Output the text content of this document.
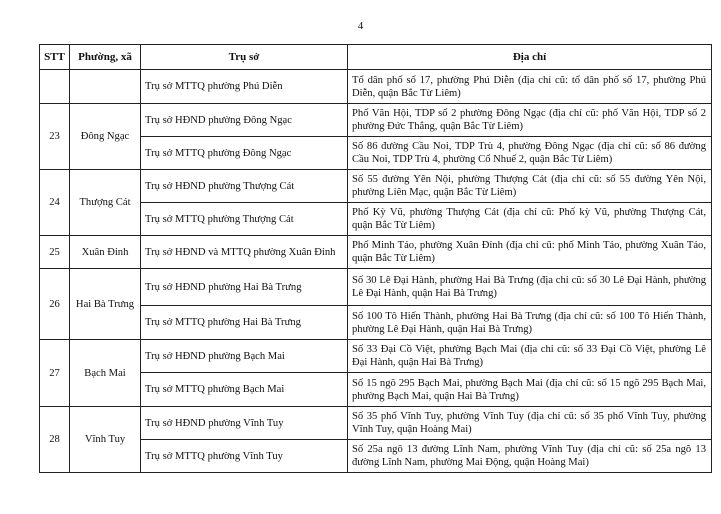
4
STT	Phường, xã	Trụ sở	Địa chỉ
		Trụ sở MTTQ phường Phú Diễn	Tổ dân phố số 17, phường Phú Diễn (địa chỉ cũ: tổ dân phố số 17, phường Phú Diễn, quận Bắc Từ Liêm)
23	Đông Ngạc	Trụ sở HĐND phường Đông Ngạc	Phố Văn Hội, TDP số 2 phường Đông Ngạc (địa chỉ cũ: phố Văn Hội, TDP số 2 phường Đức Thắng, quận Bắc Từ Liêm)
		Trụ sở MTTQ phường Đông Ngạc	Số 86 đường Cầu Noi, TDP Trù 4, phường Đông Ngạc (địa chỉ cũ: số 86 đường Cầu Noi, TDP Trù 4, phường Cổ Nhuế 2, quận Bắc Từ Liêm)
24	Thượng Cát	Trụ sở HĐND phường Thượng Cát	Số 55 đường Yên Nội, phường Thượng Cát (địa chỉ cũ: số 55 đường Yên Nội, phường Liên Mạc, quận Bắc Từ Liêm)
		Trụ sở MTTQ phường Thượng Cát	Phố Kỳ Vũ, phường Thượng Cát (địa chỉ cũ: Phố kỳ Vũ, phường Thượng Cát, quận Bắc Từ Liêm)
25	Xuân Đỉnh	Trụ sở HĐND và MTTQ phường Xuân Đỉnh	Phố Minh Tảo, phường Xuân Đỉnh (địa chỉ cũ: phố Minh Tảo, phường Xuân Tảo, quận Bắc Từ Liêm)
26	Hai Bà Trưng	Trụ sở HĐND phường Hai Bà Trưng	Số 30 Lê Đại Hành, phường Hai Bà Trưng (địa chỉ cũ: số 30 Lê Đại Hành, phường Lê Đại Hành, quận Hai Bà Trưng)
		Trụ sở MTTQ phường Hai Bà Trưng	Số 100 Tô Hiến Thành, phường Hai Bà Trưng (địa chỉ cũ: số 100 Tô Hiến Thành, phường Lê Đại Hành, quận Hai Bà Trưng)
27	Bạch Mai	Trụ sở HĐND phường Bạch Mai	Số 33 Đại Cồ Việt, phường Bạch Mai (địa chỉ cũ: số 33 Đại Cồ Việt, phường Lê Đại Hành, quận Hai Bà Trưng)
		Trụ sở MTTQ phường Bạch Mai	Số 15 ngõ 295 Bạch Mai, phường Bạch Mai (địa chỉ cũ: số 15 ngõ 295 Bạch Mai, phường Bạch Mai, quận Hai Bà Trưng)
28	Vĩnh Tuy	Trụ sở HĐND phường Vĩnh Tuy	Số 35 phố Vĩnh Tuy, phường Vĩnh Tuy (địa chỉ cũ: số 35 phố Vĩnh Tuy, phường Vĩnh Tuy, quận Hoàng Mai)
		Trụ sở MTTQ phường Vĩnh Tuy	Số 25a ngõ 13 đường Lĩnh Nam, phường Vĩnh Tuy (địa chỉ cũ: số 25a ngõ 13 đường Lĩnh Nam, phường Mai Động, quận Hoàng Mai)
